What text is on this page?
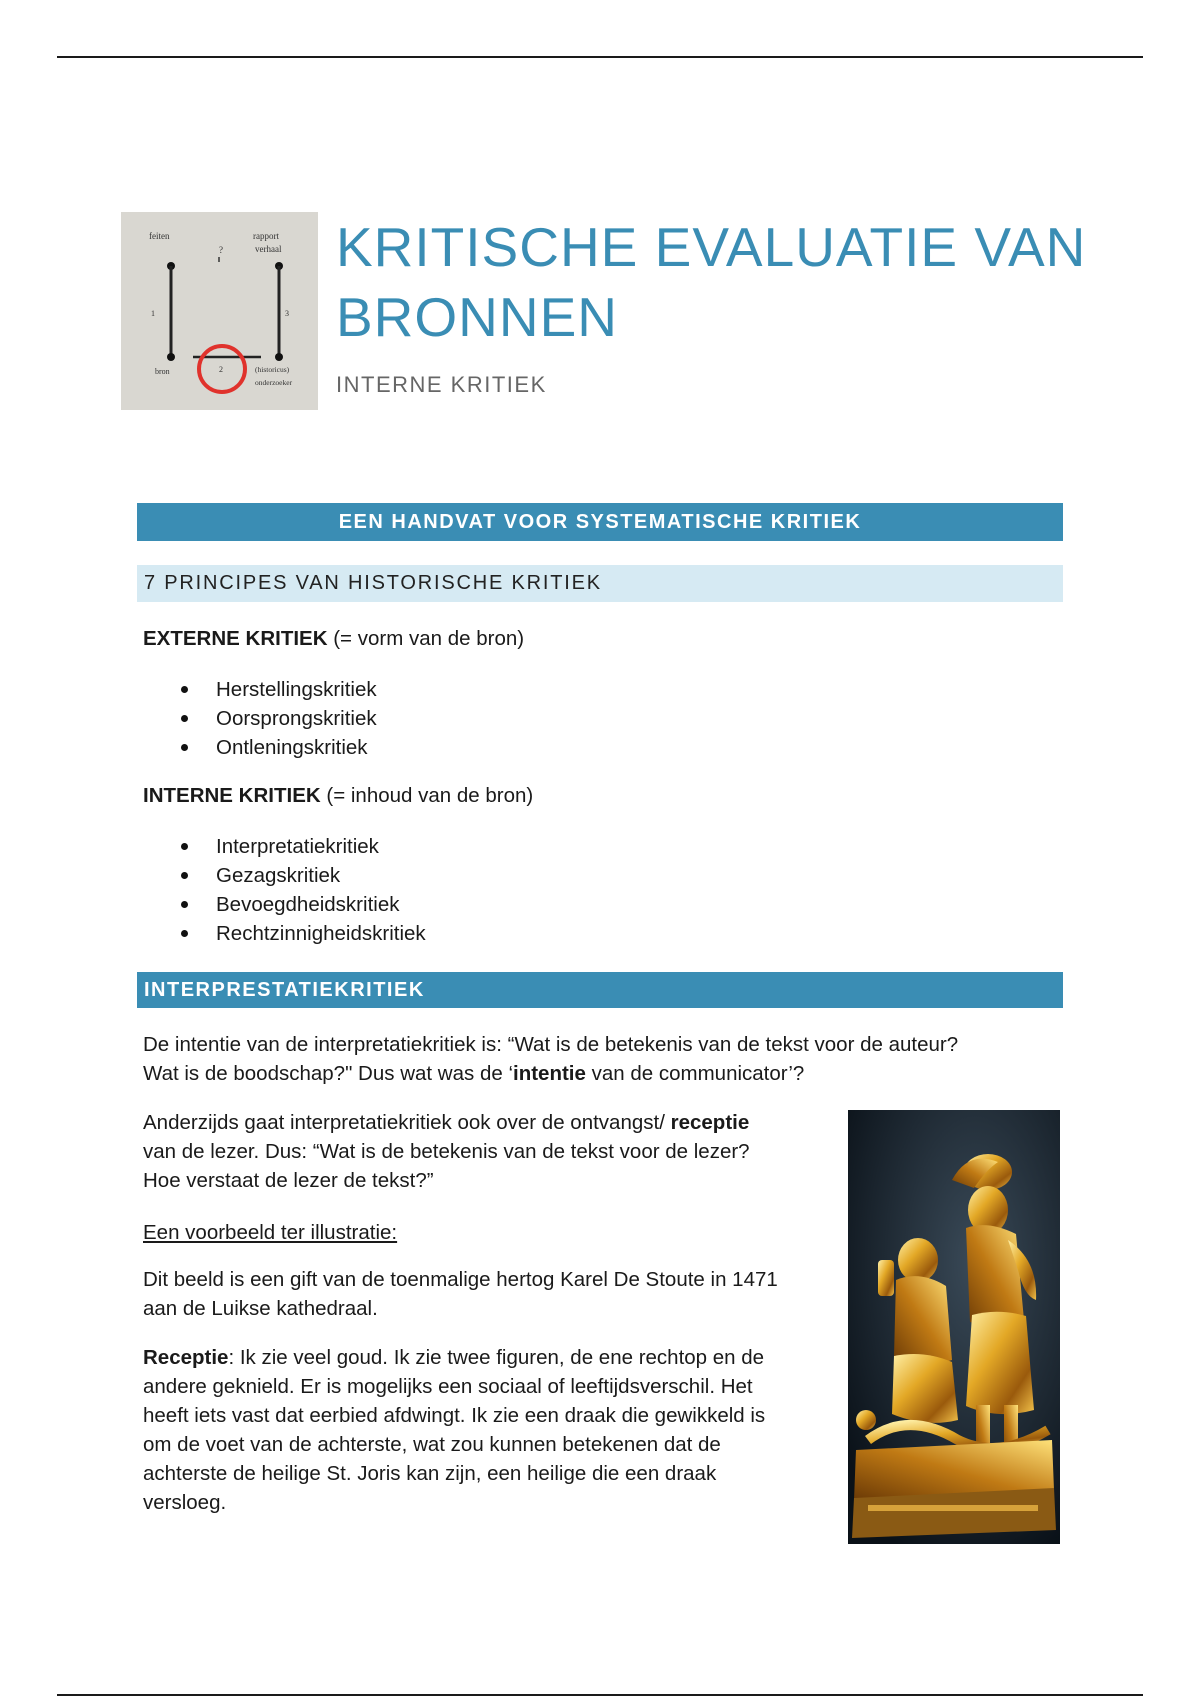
feiten	rapport
verhaal
?
1	3
2
bron	(historicus)
onderzoeker
KRITISCHE EVALUATIE VAN
BRONNEN
INTERNE KRITIEK
EEN HANDVAT VOOR SYSTEMATISCHE KRITIEK
7 PRINCIPES VAN HISTORISCHE KRITIEK
EXTERNE KRITIEK (= vorm van de bron)
Herstellingskritiek
Oorsprongskritiek
Ontleningskritiek
INTERNE KRITIEK (= inhoud van de bron)
Interpretatiekritiek
Gezagskritiek
Bevoegdheidskritiek
Rechtzinnigheidskritiek
INTERPRESTATIEKRITIEK
De intentie van de interpretatiekritiek is: “Wat is de betekenis van de tekst voor de auteur?
Wat is de boodschap?" Dus wat was de ‘intentie van de communicator’?
Anderzijds gaat interpretatiekritiek ook over de ontvangst/ receptie
van de lezer. Dus: “Wat is de betekenis van de tekst voor de lezer?
Hoe verstaat de lezer de tekst?”
Een voorbeeld ter illustratie:
Dit beeld is een gift van de toenmalige hertog Karel De Stoute in 1471
aan de Luikse kathedraal.
Receptie: Ik zie veel goud. Ik zie twee figuren, de ene rechtop en de
andere geknield. Er is mogelijks een sociaal of leeftijdsverschil. Het
heeft iets vast dat eerbied afdwingt. Ik zie een draak die gewikkeld is
om de voet van de achterste, wat zou kunnen betekenen dat de
achterste de heilige St. Joris kan zijn, een heilige die een draak
versloeg.
